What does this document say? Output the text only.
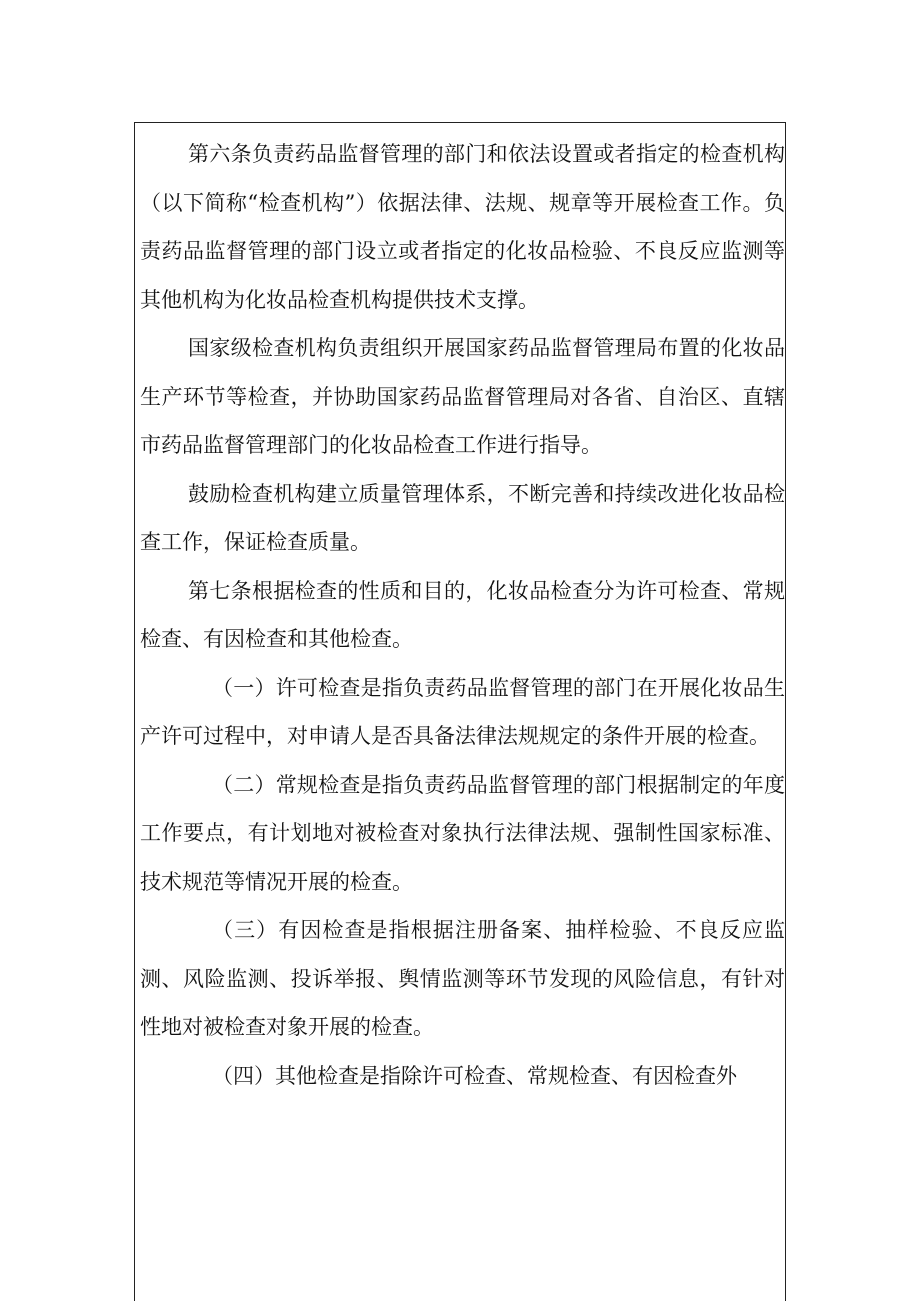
第六条负责药品监督管理的部门和依法设置或者指定的检查机构（以下简称“检查机构”）依据法律、法规、规章等开展检查工作。负责药品监督管理的部门设立或者指定的化妆品检验、不良反应监测等其他机构为化妆品检查机构提供技术支撑。

国家级检查机构负责组织开展国家药品监督管理局布置的化妆品生产环节等检查，并协助国家药品监督管理局对各省、自治区、直辖市药品监督管理部门的化妆品检查工作进行指导。

鼓励检查机构建立质量管理体系，不断完善和持续改进化妆品检查工作，保证检查质量。

第七条根据检查的性质和目的，化妆品检查分为许可检查、常规检查、有因检查和其他检查。

（一）许可检查是指负责药品监督管理的部门在开展化妆品生产许可过程中，对申请人是否具备法律法规规定的条件开展的检查。

（二）常规检查是指负责药品监督管理的部门根据制定的年度工作要点，有计划地对被检查对象执行法律法规、强制性国家标准、技术规范等情况开展的检查。

（三）有因检查是指根据注册备案、抽样检验、不良反应监测、风险监测、投诉举报、舆情监测等环节发现的风险信息，有针对性地对被检查对象开展的检查。

（四）其他检查是指除许可检查、常规检查、有因检查外
